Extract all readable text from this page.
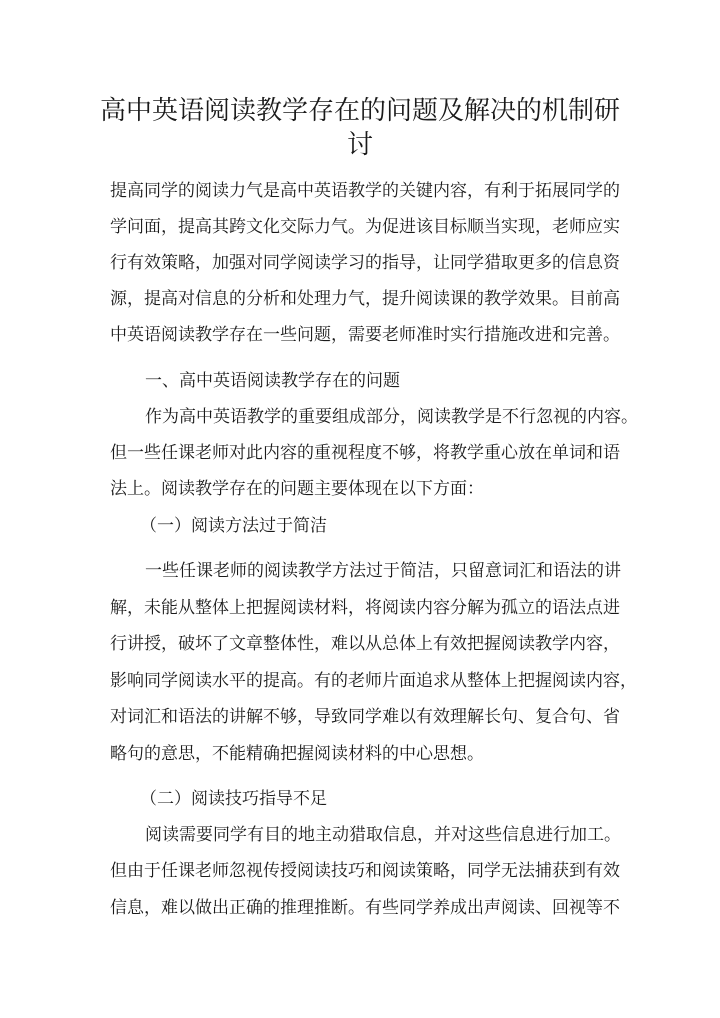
高中英语阅读教学存在的问题及解决的机制研
讨
提高同学的阅读力气是高中英语教学的关键内容，有利于拓展同学的
学问面，提高其跨文化交际力气。为促进该目标顺当实现，老师应实
行有效策略，加强对同学阅读学习的指导，让同学猎取更多的信息资
源，提高对信息的分析和处理力气，提升阅读课的教学效果。目前高
中英语阅读教学存在一些问题，需要老师准时实行措施改进和完善。
一、高中英语阅读教学存在的问题
作为高中英语教学的重要组成部分，阅读教学是不行忽视的内容。
但一些任课老师对此内容的重视程度不够，将教学重心放在单词和语
法上。阅读教学存在的问题主要体现在以下方面：
（一）阅读方法过于简洁
一些任课老师的阅读教学方法过于简洁，只留意词汇和语法的讲
解，未能从整体上把握阅读材料，将阅读内容分解为孤立的语法点进
行讲授，破坏了文章整体性，难以从总体上有效把握阅读教学内容，
影响同学阅读水平的提高。有的老师片面追求从整体上把握阅读内容，
对词汇和语法的讲解不够，导致同学难以有效理解长句、复合句、省
略句的意思，不能精确把握阅读材料的中心思想。
（二）阅读技巧指导不足
阅读需要同学有目的地主动猎取信息，并对这些信息进行加工。
但由于任课老师忽视传授阅读技巧和阅读策略，同学无法捕获到有效
信息，难以做出正确的推理推断。有些同学养成出声阅读、回视等不
